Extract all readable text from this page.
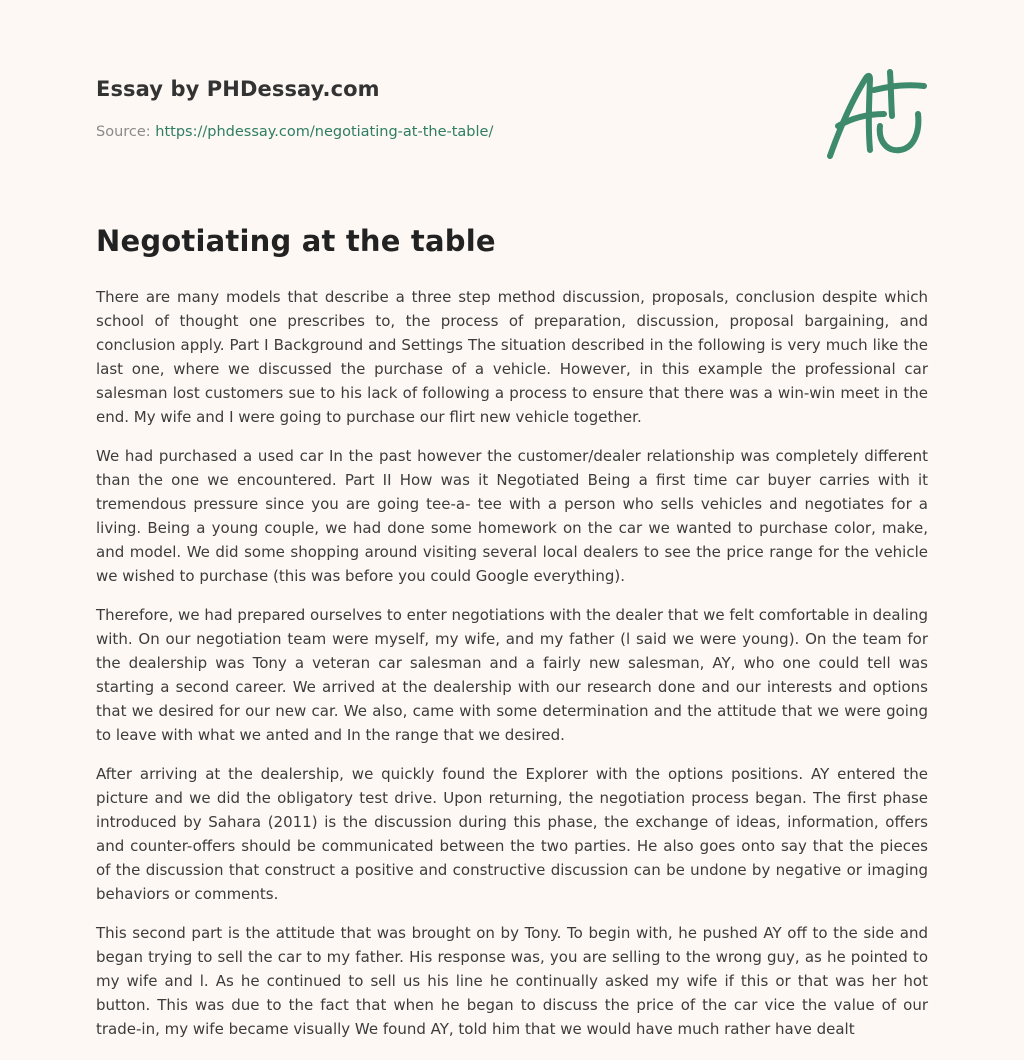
Essay by PHDessay.com
Source: https://phdessay.com/negotiating-at-the-table/
Negotiating at the table

There are many models that describe a three step method discussion, proposals, conclusion despite which school of thought one prescribes to, the process of preparation, discussion, proposal bargaining, and conclusion apply. Part I Background and Settings The situation described in the following is very much like the last one, where we discussed the purchase of a vehicle. However, in this example the professional car salesman lost customers sue to his lack of following a process to ensure that there was a win-win meet in the end. My wife and I were going to purchase our flirt new vehicle together.

We had purchased a used car In the past however the customer/dealer relationship was completely different than the one we encountered. Part II How was it Negotiated Being a first time car buyer carries with it tremendous pressure since you are going tee-a- tee with a person who sells vehicles and negotiates for a living. Being a young couple, we had done some homework on the car we wanted to purchase color, make, and model. We did some shopping around visiting several local dealers to see the price range for the vehicle we wished to purchase (this was before you could Google everything).

Therefore, we had prepared ourselves to enter negotiations with the dealer that we felt comfortable in dealing with. On our negotiation team were myself, my wife, and my father (l said we were young). On the team for the dealership was Tony a veteran car salesman and a fairly new salesman, AY, who one could tell was starting a second career. We arrived at the dealership with our research done and our interests and options that we desired for our new car. We also, came with some determination and the attitude that we were going to leave with what we anted and In the range that we desired.

After arriving at the dealership, we quickly found the Explorer with the options positions. AY entered the picture and we did the obligatory test drive. Upon returning, the negotiation process began. The first phase introduced by Sahara (2011) is the discussion during this phase, the exchange of ideas, information, offers and counter-offers should be communicated between the two parties. He also goes onto say that the pieces of the discussion that construct a positive and constructive discussion can be undone by negative or imaging behaviors or comments.

This second part is the attitude that was brought on by Tony. To begin with, he pushed AY off to the side and began trying to sell the car to my father. His response was, you are selling to the wrong guy, as he pointed to my wife and l. As he continued to sell us his line he continually asked my wife if this or that was her hot button. This was due to the fact that when he began to discuss the price of the car vice the value of our trade-in, my wife became visually We found AY, told him that we would have much rather have dealt
